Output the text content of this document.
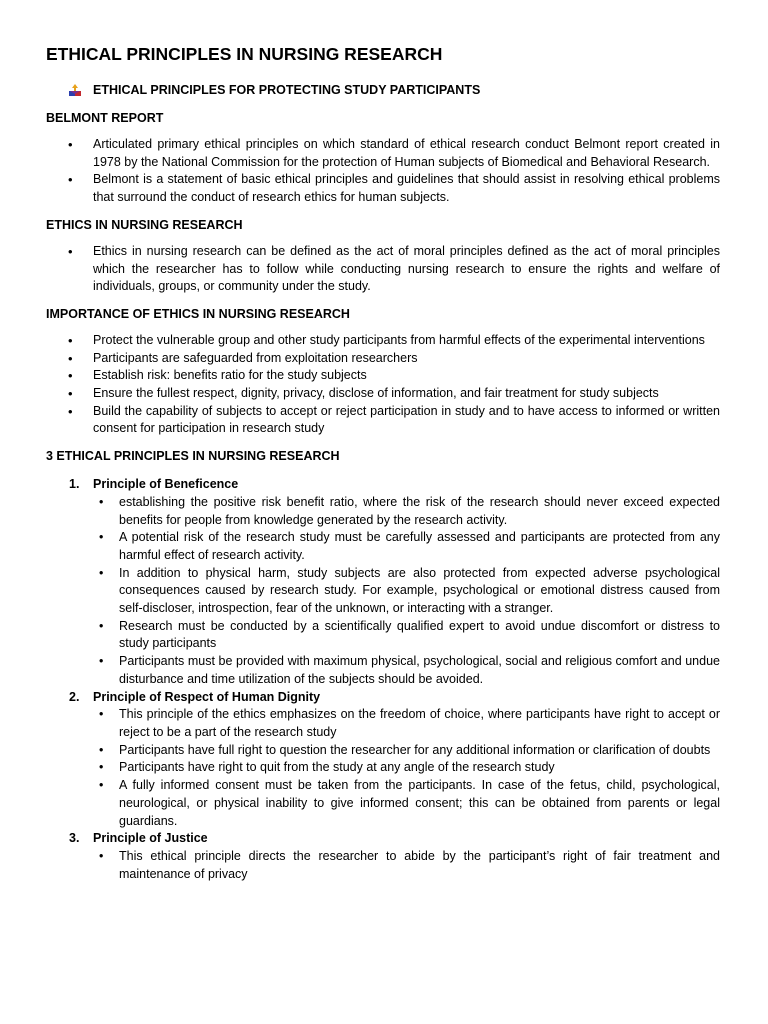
ETHICAL PRINCIPLES IN NURSING RESEARCH
ETHICAL PRINCIPLES FOR PROTECTING STUDY PARTICIPANTS
BELMONT REPORT
• Articulated primary ethical principles on which standard of ethical research conduct Belmont report created in 1978 by the National Commission for the protection of Human subjects of Biomedical and Behavioral Research.
• Belmont is a statement of basic ethical principles and guidelines that should assist in resolving ethical problems that surround the conduct of research ethics for human subjects.
ETHICS IN NURSING RESEARCH
• Ethics in nursing research can be defined as the act of moral principles defined as the act of moral principles which the researcher has to follow while conducting nursing research to ensure the rights and welfare of individuals, groups, or community under the study.
IMPORTANCE OF ETHICS IN NURSING RESEARCH
• Protect the vulnerable group and other study participants from harmful effects of the experimental interventions
• Participants are safeguarded from exploitation researchers
• Establish risk: benefits ratio for the study subjects
• Ensure the fullest respect, dignity, privacy, disclose of information, and fair treatment for study subjects
• Build the capability of subjects to accept or reject participation in study and to have access to informed or written consent for participation in research study
3 ETHICAL PRINCIPLES IN NURSING RESEARCH
1. Principle of Beneficence
• establishing the positive risk benefit ratio, where the risk of the research should never exceed expected benefits for people from knowledge generated by the research activity.
• A potential risk of the research study must be carefully assessed and participants are protected from any harmful effect of research activity.
• In addition to physical harm, study subjects are also protected from expected adverse psychological consequences caused by research study. For example, psychological or emotional distress caused from self-discloser, introspection, fear of the unknown, or interacting with a stranger.
• Research must be conducted by a scientifically qualified expert to avoid undue discomfort or distress to study participants
• Participants must be provided with maximum physical, psychological, social and religious comfort and undue disturbance and time utilization of the subjects should be avoided.
2. Principle of Respect of Human Dignity
• This principle of the ethics emphasizes on the freedom of choice, where participants have right to accept or reject to be a part of the research study
• Participants have full right to question the researcher for any additional information or clarification of doubts
• Participants have right to quit from the study at any angle of the research study
• A fully informed consent must be taken from the participants. In case of the fetus, child, psychological, neurological, or physical inability to give informed consent; this can be obtained from parents or legal guardians.
3. Principle of Justice
• This ethical principle directs the researcher to abide by the participant’s right of fair treatment and maintenance of privacy
